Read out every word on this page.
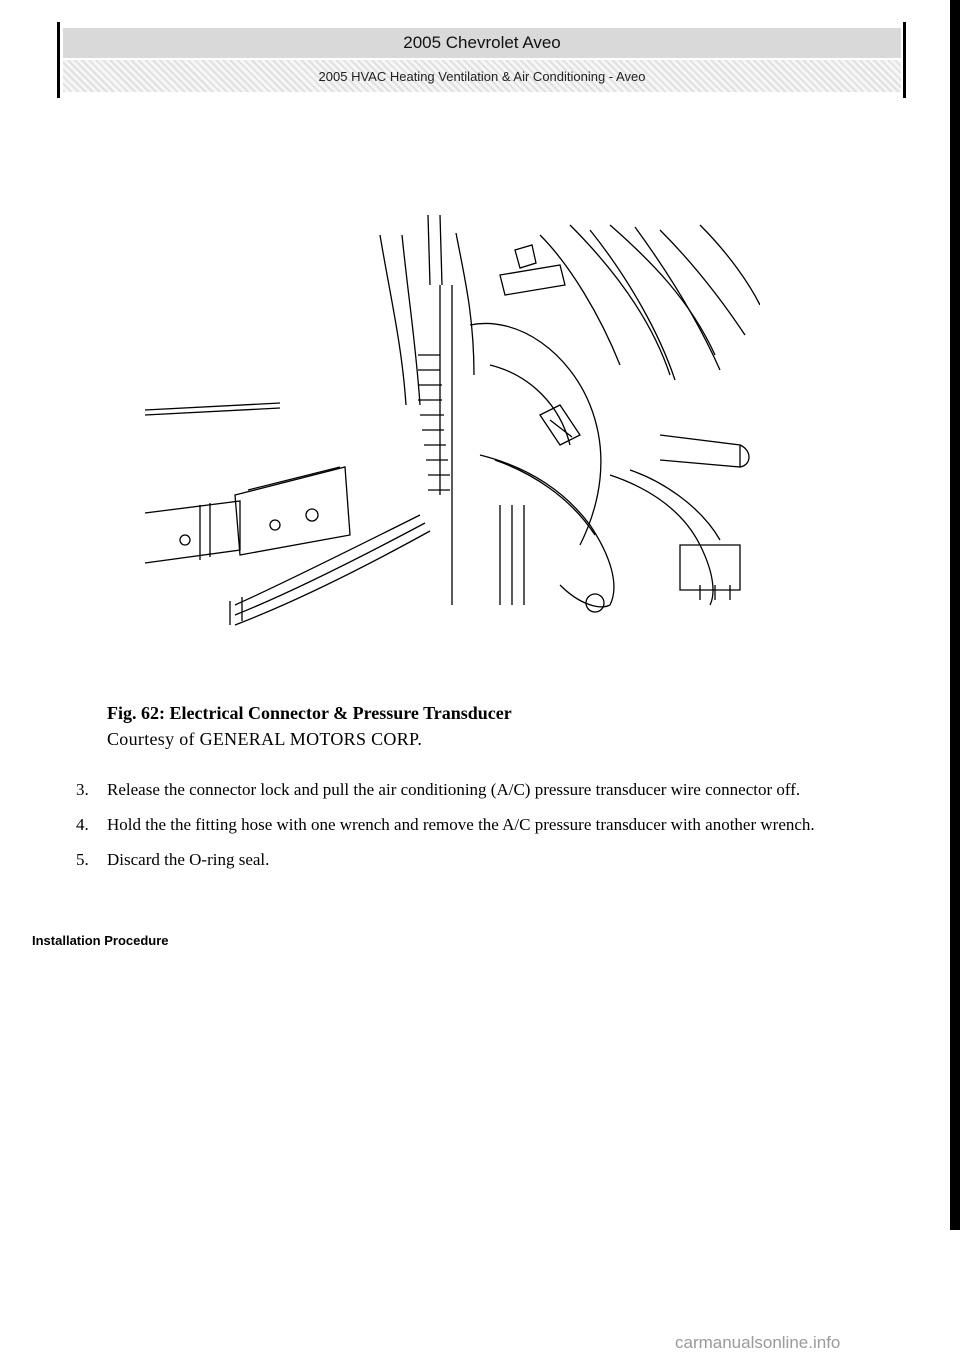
2005 Chevrolet Aveo
2005 HVAC Heating Ventilation & Air Conditioning - Aveo
Fig. 62: Electrical Connector & Pressure Transducer
Courtesy of GENERAL MOTORS CORP.
3. Release the connector lock and pull the air conditioning (A/C) pressure transducer wire connector off.
4. Hold the the fitting hose with one wrench and remove the A/C pressure transducer with another wrench.
5. Discard the O-ring seal.
Installation Procedure
carmanualsonline.info
